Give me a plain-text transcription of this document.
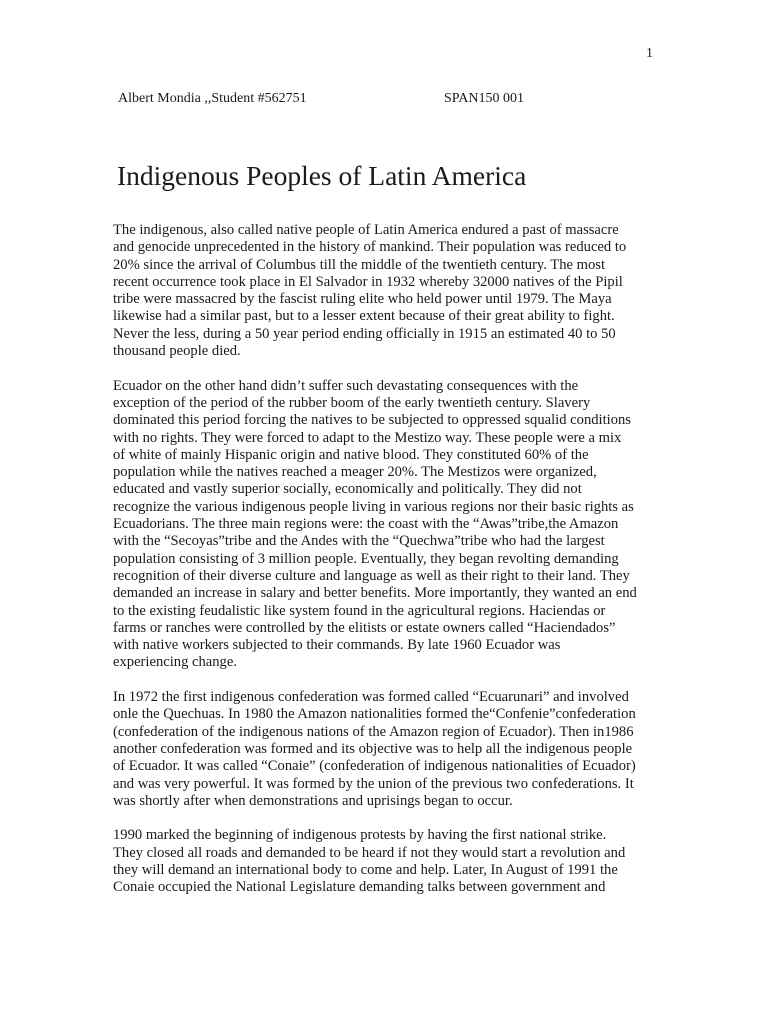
1
Albert Mondia ,,Student #562751	SPAN150 001
Indigenous Peoples of Latin America

The indigenous, also called native people of Latin America endured a past of massacre
and genocide unprecedented in the history of mankind. Their population was reduced to
20% since the arrival of Columbus till the middle of the twentieth century. The most
recent occurrence took place in El Salvador in 1932 whereby 32000 natives of the Pipil
tribe were massacred by the fascist ruling elite who held power until 1979. The Maya
likewise had a similar past, but to a lesser extent because of their great ability to fight.
Never the less, during a 50 year period ending officially in 1915 an estimated 40 to 50
thousand people died.

Ecuador on the other hand didn’t suffer such devastating consequences with the
exception of the period of the rubber boom of the early twentieth century. Slavery
dominated this period forcing the natives to be subjected to oppressed squalid conditions
with no rights. They were forced to adapt to the Mestizo way. These people were a mix
of white of mainly Hispanic origin and native blood. They constituted 60% of the
population while the natives reached a meager 20%. The Mestizos were organized,
educated and vastly superior socially, economically and politically. They did not
recognize the various indigenous people living in various regions nor their basic rights as
Ecuadorians. The three main regions were: the coast with the “Awas”tribe,the Amazon
with the “Secoyas”tribe and the Andes with the “Quechwa”tribe who had the largest
population consisting of 3 million people. Eventually, they began revolting demanding
recognition of their diverse culture and language as well as their right to their land. They
demanded an increase in salary and better benefits. More importantly, they wanted an end
to the existing feudalistic like system found in the agricultural regions. Haciendas or
farms or ranches were controlled by the elitists or estate owners called “Haciendados”
with native workers subjected to their commands. By late 1960 Ecuador was
experiencing change.

In 1972 the first indigenous confederation was formed called “Ecuarunari” and involved
onle the Quechuas. In 1980 the Amazon nationalities formed the“Confenie”confederation
(confederation of the indigenous nations of the Amazon region of Ecuador). Then in1986
another confederation was formed and its objective was to help all the indigenous people
of Ecuador. It was called “Conaie” (confederation of indigenous nationalities of Ecuador)
and was very powerful. It was formed by the union of the previous two confederations. It
was shortly after when demonstrations and uprisings began to occur.

1990 marked the beginning of indigenous protests by having the first national strike.
They closed all roads and demanded to be heard if not they would start a revolution and
they will demand an international body to come and help. Later, In August of 1991 the
Conaie occupied the National Legislature demanding talks between government and
